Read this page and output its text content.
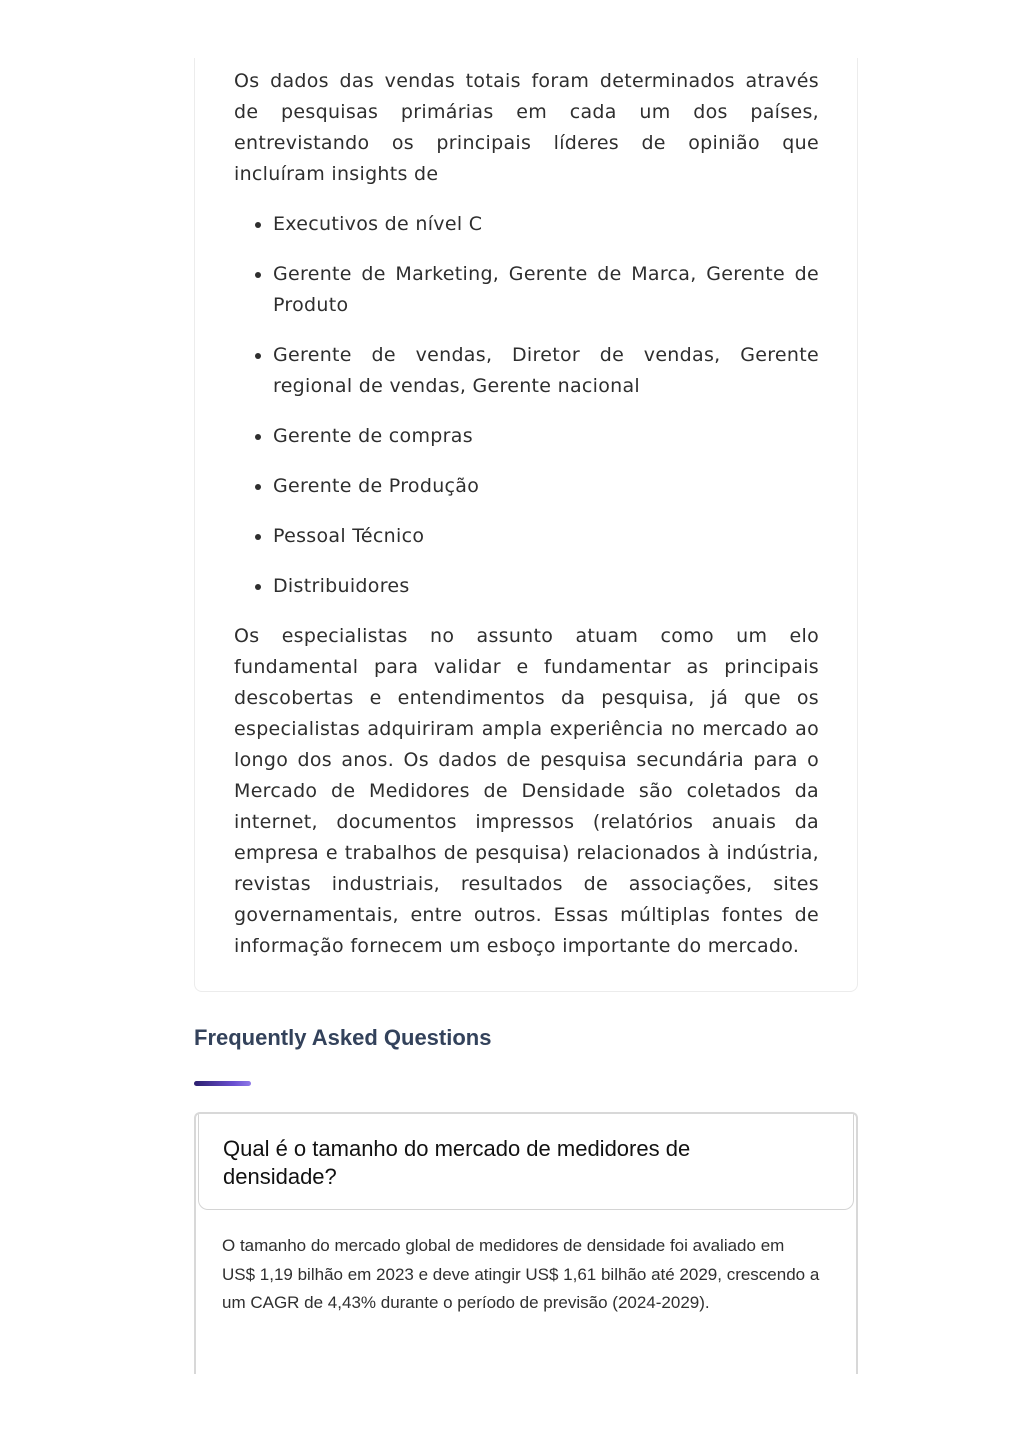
Os dados das vendas totais foram determinados através de pesquisas primárias em cada um dos países, entrevistando os principais líderes de opinião que incluíram insights de

• Executivos de nível C
• Gerente de Marketing, Gerente de Marca, Gerente de Produto
• Gerente de vendas, Diretor de vendas, Gerente regional de vendas, Gerente nacional
• Gerente de compras
• Gerente de Produção
• Pessoal Técnico
• Distribuidores

Os especialistas no assunto atuam como um elo fundamental para validar e fundamentar as principais descobertas e entendimentos da pesquisa, já que os especialistas adquiriram ampla experiência no mercado ao longo dos anos. Os dados de pesquisa secundária para o Mercado de Medidores de Densidade são coletados da internet, documentos impressos (relatórios anuais da empresa e trabalhos de pesquisa) relacionados à indústria, revistas industriais, resultados de associações, sites governamentais, entre outros. Essas múltiplas fontes de informação fornecem um esboço importante do mercado.

Frequently Asked Questions
Qual é o tamanho do mercado de medidores de densidade?
O tamanho do mercado global de medidores de densidade foi avaliado em US$ 1,19 bilhão em 2023 e deve atingir US$ 1,61 bilhão até 2029, crescendo a um CAGR de 4,43% durante o período de previsão (2024-2029).
